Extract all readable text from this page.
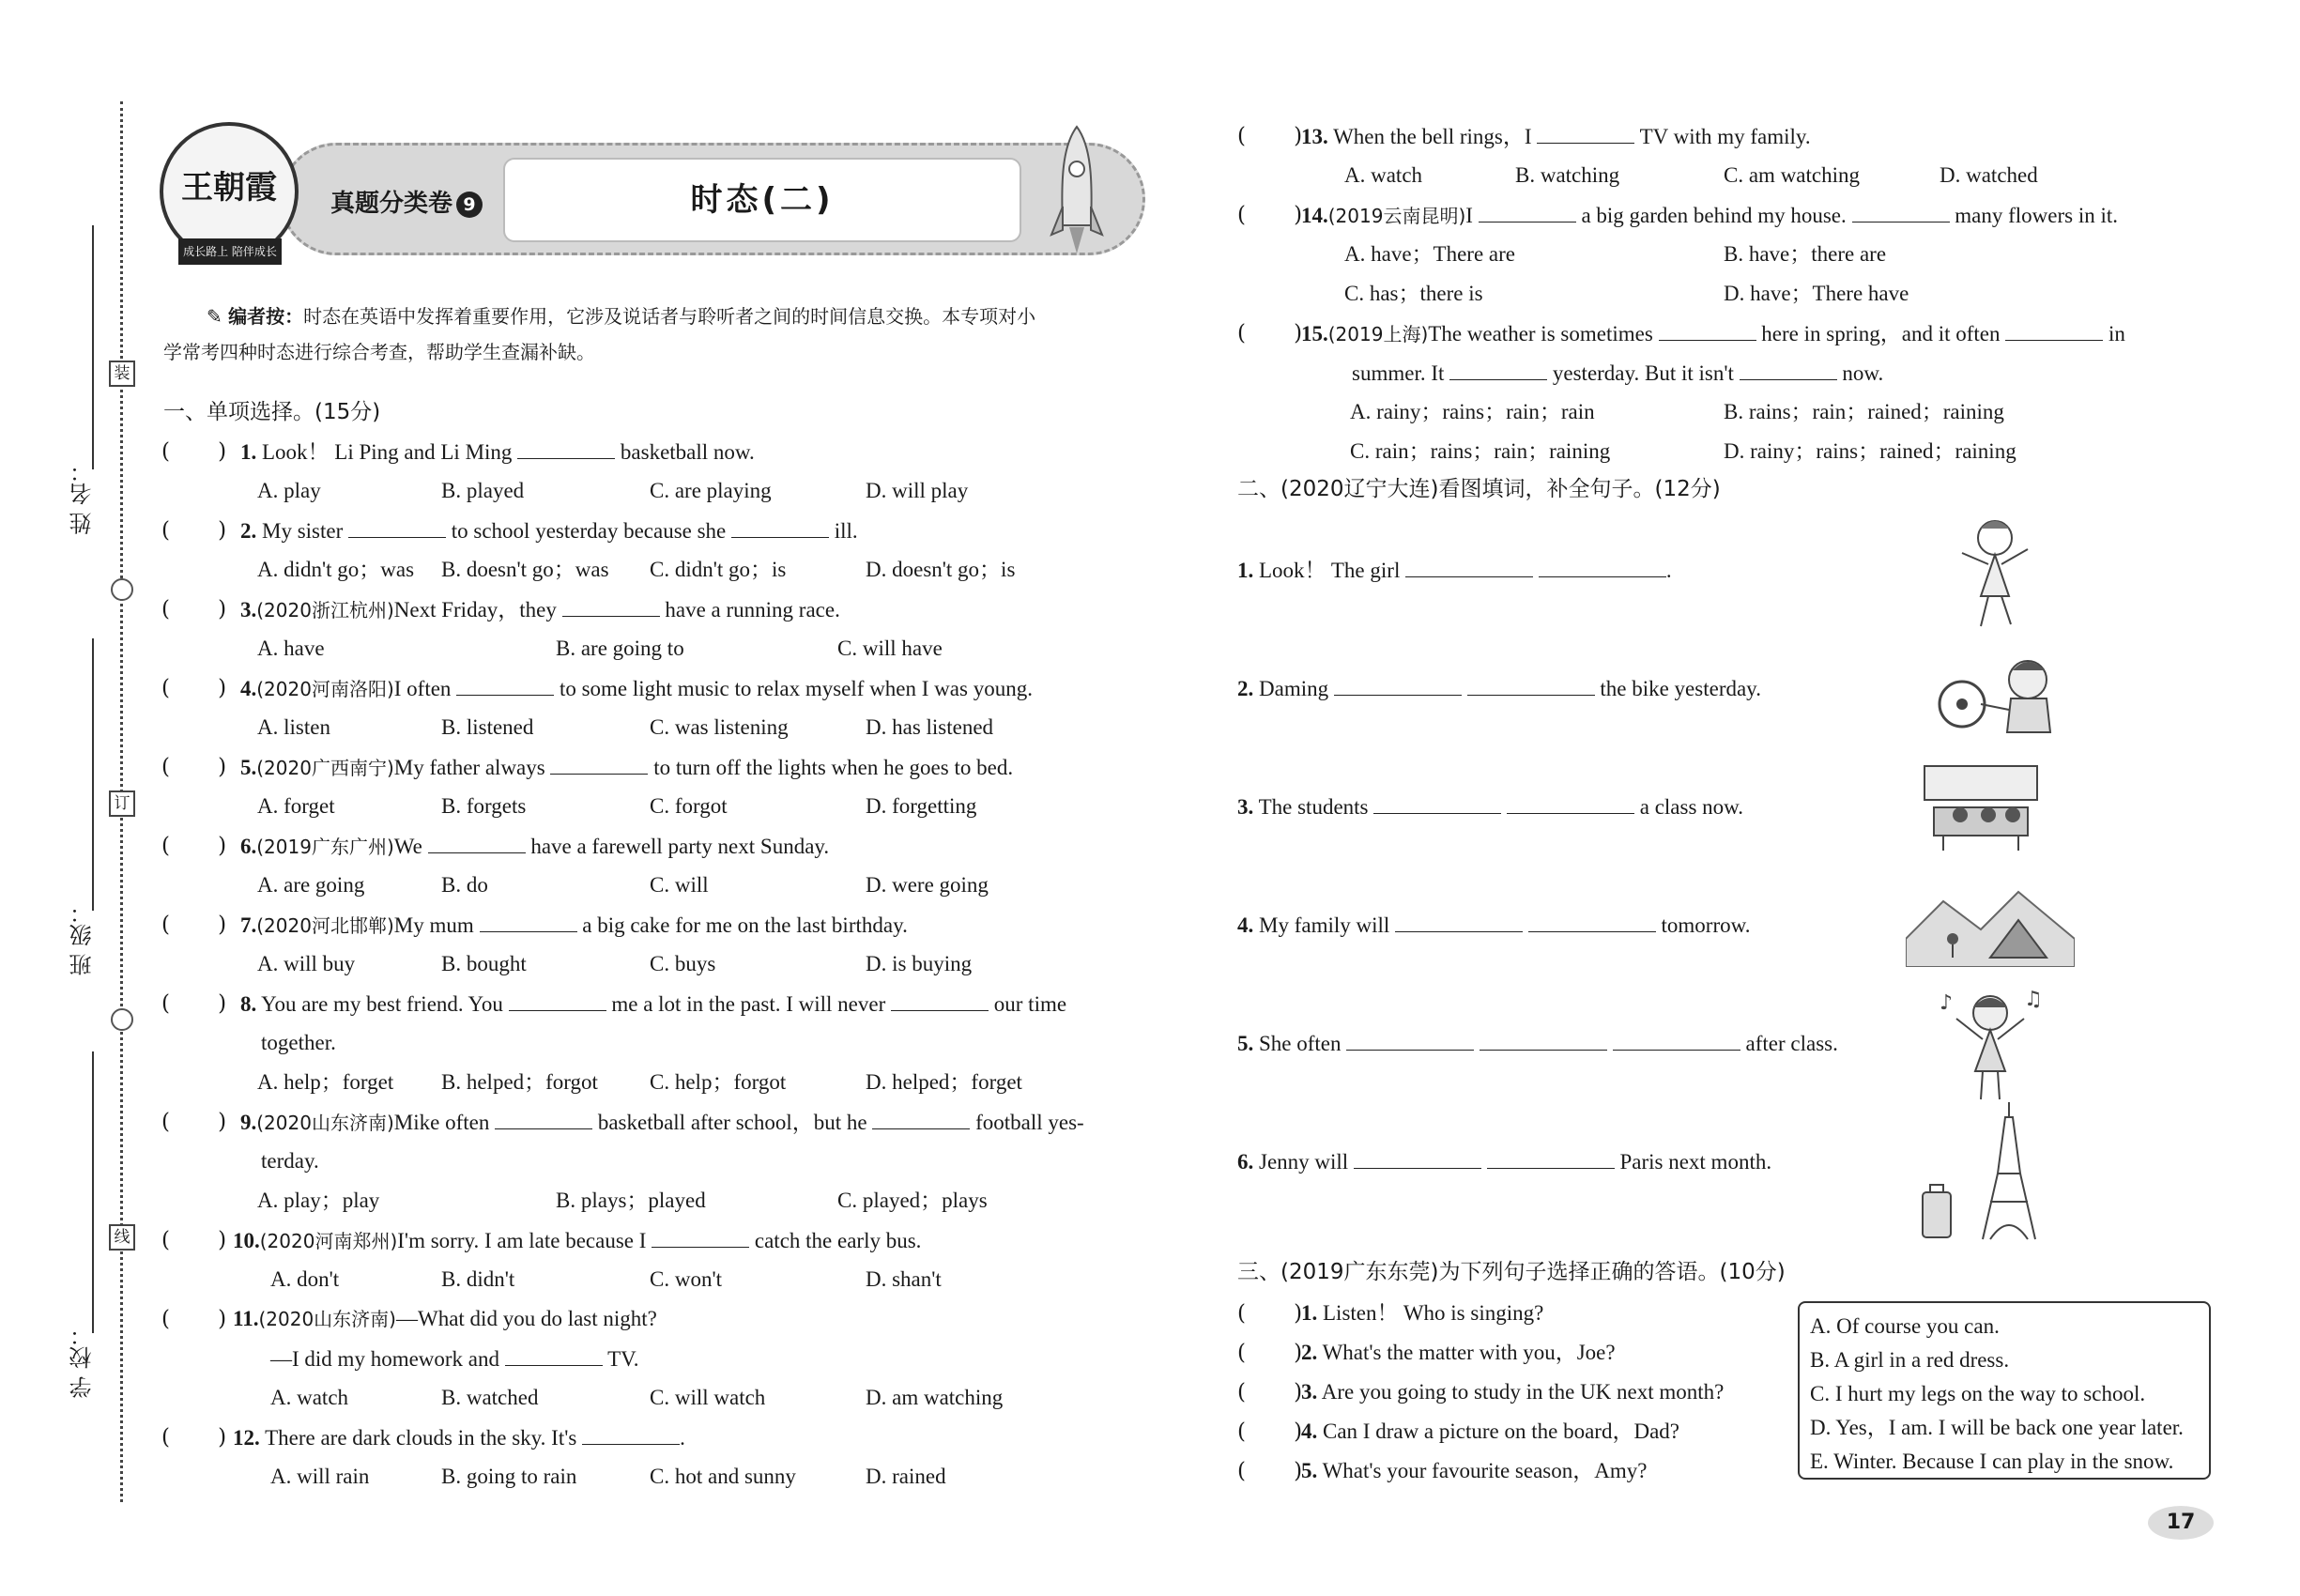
姓 名：
班 级：
学 校：
装
订
线
王朝霞
成长路上 陪伴成长
真题分类卷 9	时态(二)
✎ 编者按：时态在英语中发挥着重要作用，它涉及说话者与聆听者之间的时间信息交换。本专项对小
学常考四种时态进行综合考查，帮助学生查漏补缺。
一、单项选择。(15分)
(       ) 1. Look！ Li Ping and Li Ming	basketball now.
A. play	B. played	C. are playing	D. will play
(       ) 2. My sister	to school yesterday because she	ill.
A. didn't go；was B. doesn't go；was C. didn't go；is	D. doesn't go；is
(       ) 3.(2020浙江杭州)Next Friday，they	have a running race.
A. have	B. are going to	C. will have
(       ) 4.(2020河南洛阳)I often	to some light music to relax myself when I was young.
A. listen	B. listened	C. was listening	D. has listened
(       ) 5.(2020广西南宁)My father always	to turn off the lights when he goes to bed.
A. forget	B. forgets	C. forgot	D. forgetting
(       ) 6.(2019广东广州)We	have a farewell party next Sunday.
A. are going	B. do	C. will	D. were going
(       ) 7.(2020河北邯郸)My mum	a big cake for me on the last birthday.
A. will buy	B. bought	C. buys	D. is buying
(       ) 8. You are my best friend. You	me a lot in the past. I will never	our time
together.
A. help；forget B. helped；forgot C. help；forgot	D. helped；forget
(       ) 9.(2020山东济南)Mike often	basketball after school，but he	football yes-
terday.
A. play；play	B. plays；played	C. played；plays
(       ) 10.(2020河南郑州)I'm sorry. I am late because I	catch the early bus.
A. don't	B. didn't	C. won't	D. shan't
(       ) 11.(2020山东济南)—What did you do last night?
—I did my homework and	TV.
A. watch	B. watched	C. will watch	D. am watching
(       ) 12. There are dark clouds in the sky. It's	.
A. will rain	B. going to rain	C. hot and sunny	D. rained
(       )
13. When the bell rings，I	TV with my family.
A. watch	B. watching	C. am watching	D. watched
(       )
14.(2019云南昆明)I	a big garden behind my house.	many flowers in it.
A. have；There are	B. have；there are
C. has；there is	D. have；There have
(       )
15.(2019上海)The weather is sometimes	here in spring，and it often	in
summer. It	yesterday. But it isn't	now.
A. rainy；rains；rain；rain	B. rains；rain；rained；raining
C. rain；rains；rain；raining	D. rainy；rains；rained；raining
二、(2020辽宁大连)看图填词，补全句子。(12分)
1. Look！ The girl	.
2. Daming	the bike yesterday.
3. The students	a class now.
4. My family will	tomorrow.
5. She often	after class.
6. Jenny will	Paris next month.
♪	♫
三、(2019广东东莞)为下列句子选择正确的答语。(10分)
(       )
1. Listen！ Who is singing?
(       )
2. What's the matter with you，Joe?
(       )
3. Are you going to study in the UK next month?
(       )
4. Can I draw a picture on the board，Dad?
(       )
5. What's your favourite season，Amy?
A. Of course you can.
B. A girl in a red dress.
C. I hurt my legs on the way to school.
D. Yes，I am. I will be back one year later.
E. Winter. Because I can play in the snow.
17
